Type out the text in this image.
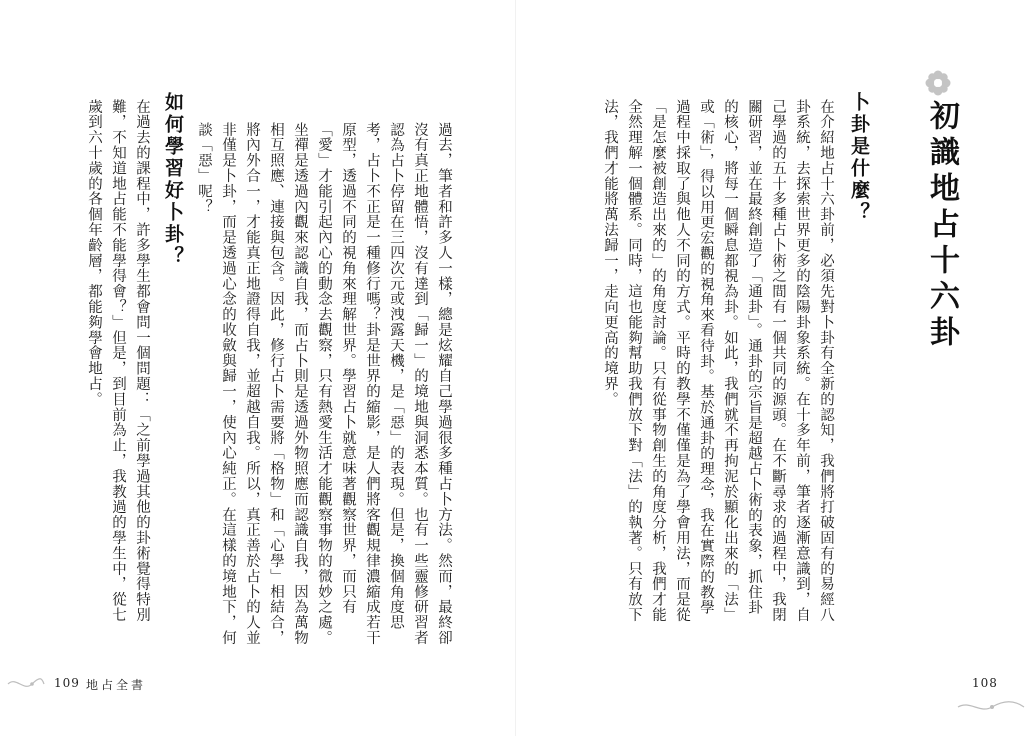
初識地占十六卦
卜卦是什麼？
在介紹地占十六卦前，必須先對卜卦有全新的認知，我們將打破固有的易經八卦系統，去探索世界更多的陰陽卦象系統。在十多年前，筆者逐漸意識到，自己學過的五十多種占卜術之間有一個共同的源頭。在不斷尋求的過程中，我閉關研習，並在最終創造了「通卦」。通卦的宗旨是超越占卜術的表象，抓住卦的核心，將每一個瞬息都視為卦。如此，我們就不再拘泥於顯化出來的「法」或「術」，得以用更宏觀的視角來看待卦。基於通卦的理念，我在實際的教學過程中採取了與他人不同的方式。平時的教學不僅僅是為了學會用法，而是從「是怎麼被創造出來的」的角度討論。只有從事物創生的角度分析，我們才能全然理解一個體系。同時，這也能夠幫助我們放下對「法」的執著。只有放下法，我們才能將萬法歸一，走向更高的境界。
108
過去，筆者和許多人一樣，總是炫耀自己學過很多種占卜方法。然而，最終卻沒有真正地體悟，沒有達到「歸一」的境地與洞悉本質。也有一些靈修研習者認為占卜停留在三四次元或洩露天機，是「惡」的表現。但是，換個角度思考，占卜不正是一種修行嗎？卦是世界的縮影，是人們將客觀規律濃縮成若干原型，透過不同的視角來理解世界。學習占卜就意味著觀察世界，而只有「愛」才能引起內心的動念去觀察，只有熱愛生活才能觀察事物的微妙之處。坐禪是透過內觀來認識自我，而占卜則是透過外物照應而認識自我，因為萬物相互照應、連接與包含。因此，修行占卜需要將「格物」和「心學」相結合，將內外合一，才能真正地證得自我，並超越自我。所以，真正善於占卜的人並非僅是卜卦，而是透過心念的收斂與歸一，使內心純正。在這樣的境地下，何談「惡」呢？
如何學習好卜卦？
在過去的課程中，許多學生都會問一個問題：「之前學過其他的卦術覺得特別難，不知道地占能不能學得會？」但是，到目前為止，我教過的學生中，從七歲到六十歲的各個年齡層，都能夠學會地占。
109 地占全書
